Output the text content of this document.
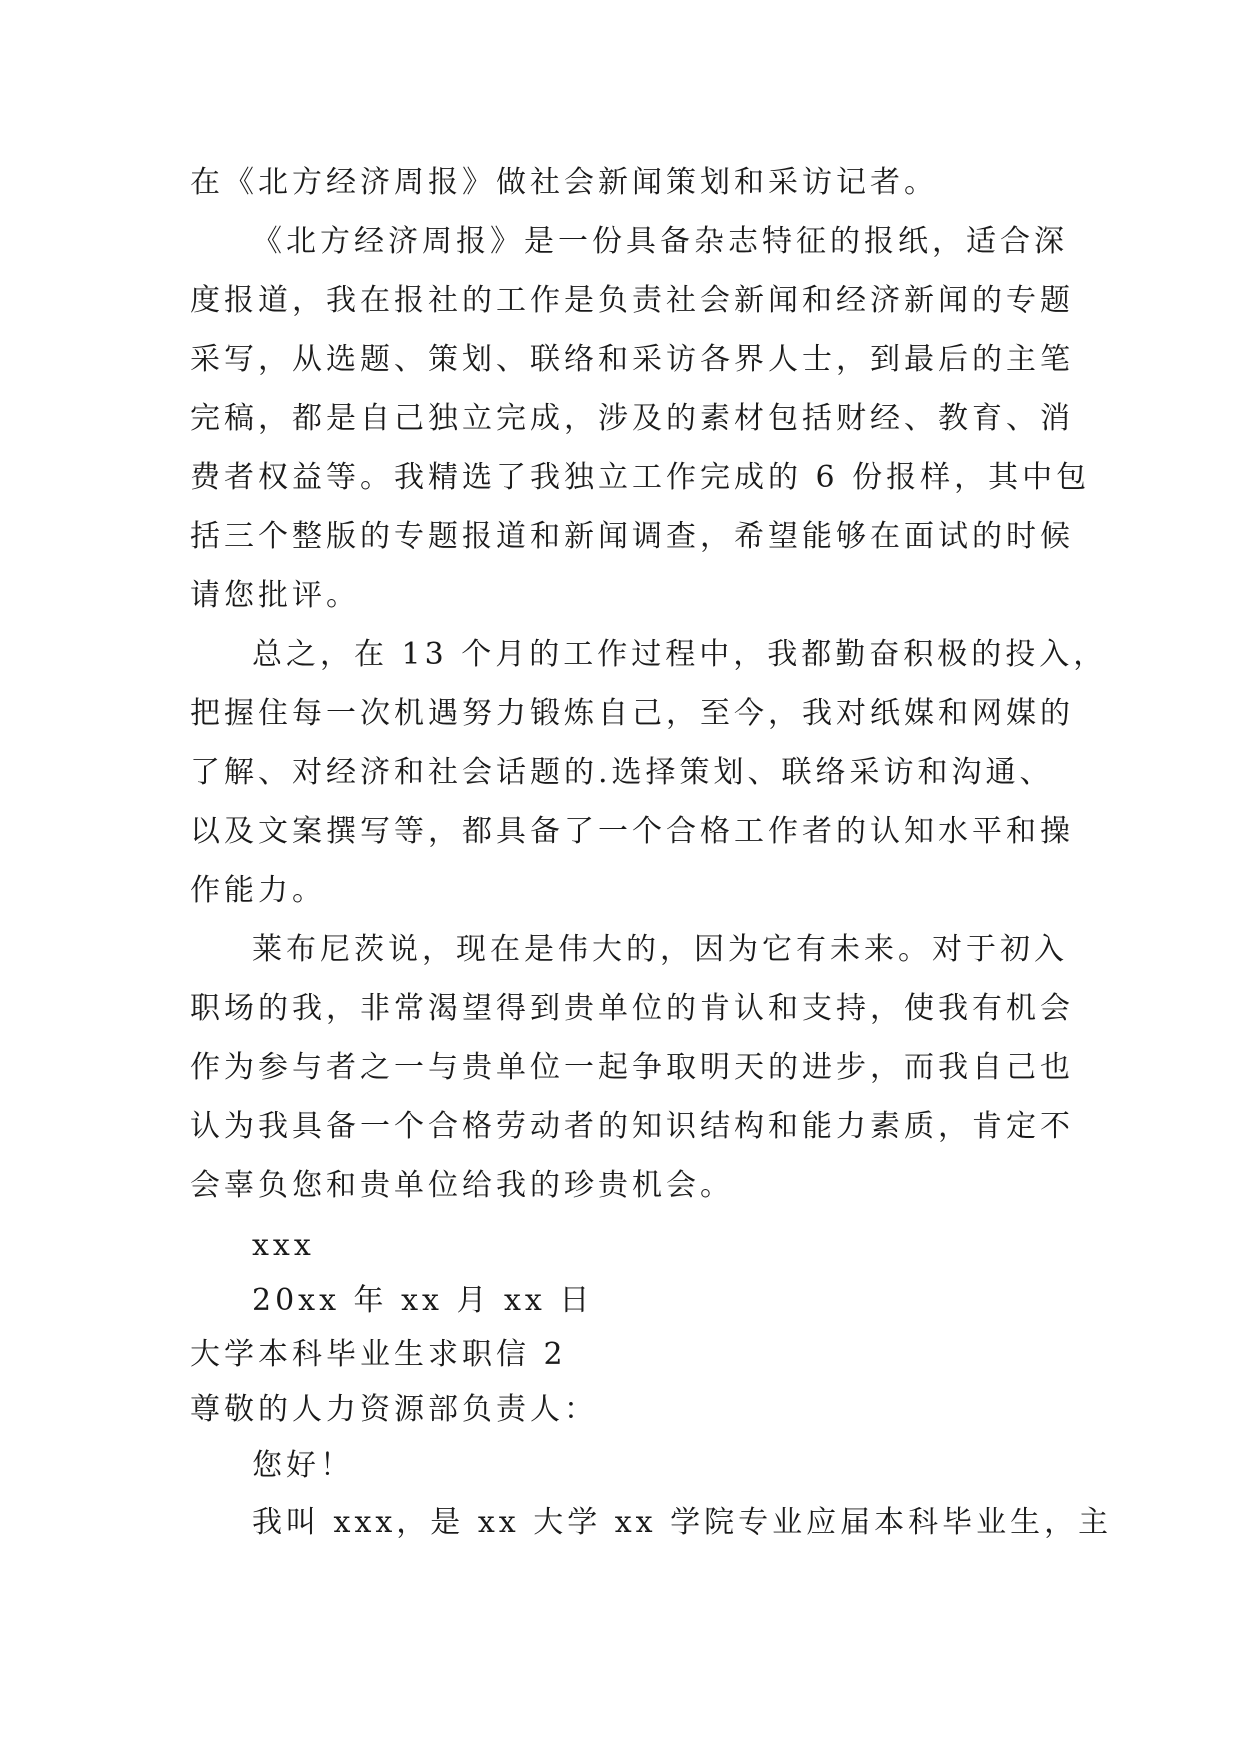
在《北方经济周报》做社会新闻策划和采访记者。
《北方经济周报》是一份具备杂志特征的报纸，适合深
度报道，我在报社的工作是负责社会新闻和经济新闻的专题
采写，从选题、策划、联络和采访各界人士，到最后的主笔
完稿，都是自己独立完成，涉及的素材包括财经、教育、消
费者权益等。我精选了我独立工作完成的 6 份报样，其中包
括三个整版的专题报道和新闻调查，希望能够在面试的时候
请您批评。
总之，在 13 个月的工作过程中，我都勤奋积极的投入，
把握住每一次机遇努力锻炼自己，至今，我对纸媒和网媒的
了解、对经济和社会话题的.选择策划、联络采访和沟通、
以及文案撰写等，都具备了一个合格工作者的认知水平和操
作能力。
莱布尼茨说，现在是伟大的，因为它有未来。对于初入
职场的我，非常渴望得到贵单位的肯认和支持，使我有机会
作为参与者之一与贵单位一起争取明天的进步，而我自己也
认为我具备一个合格劳动者的知识结构和能力素质，肯定不
会辜负您和贵单位给我的珍贵机会。
xxx
20xx 年 xx 月 xx 日
大学本科毕业生求职信 2
尊敬的人力资源部负责人：
您好！
我叫 xxx，是 xx 大学 xx 学院专业应届本科毕业生，主
